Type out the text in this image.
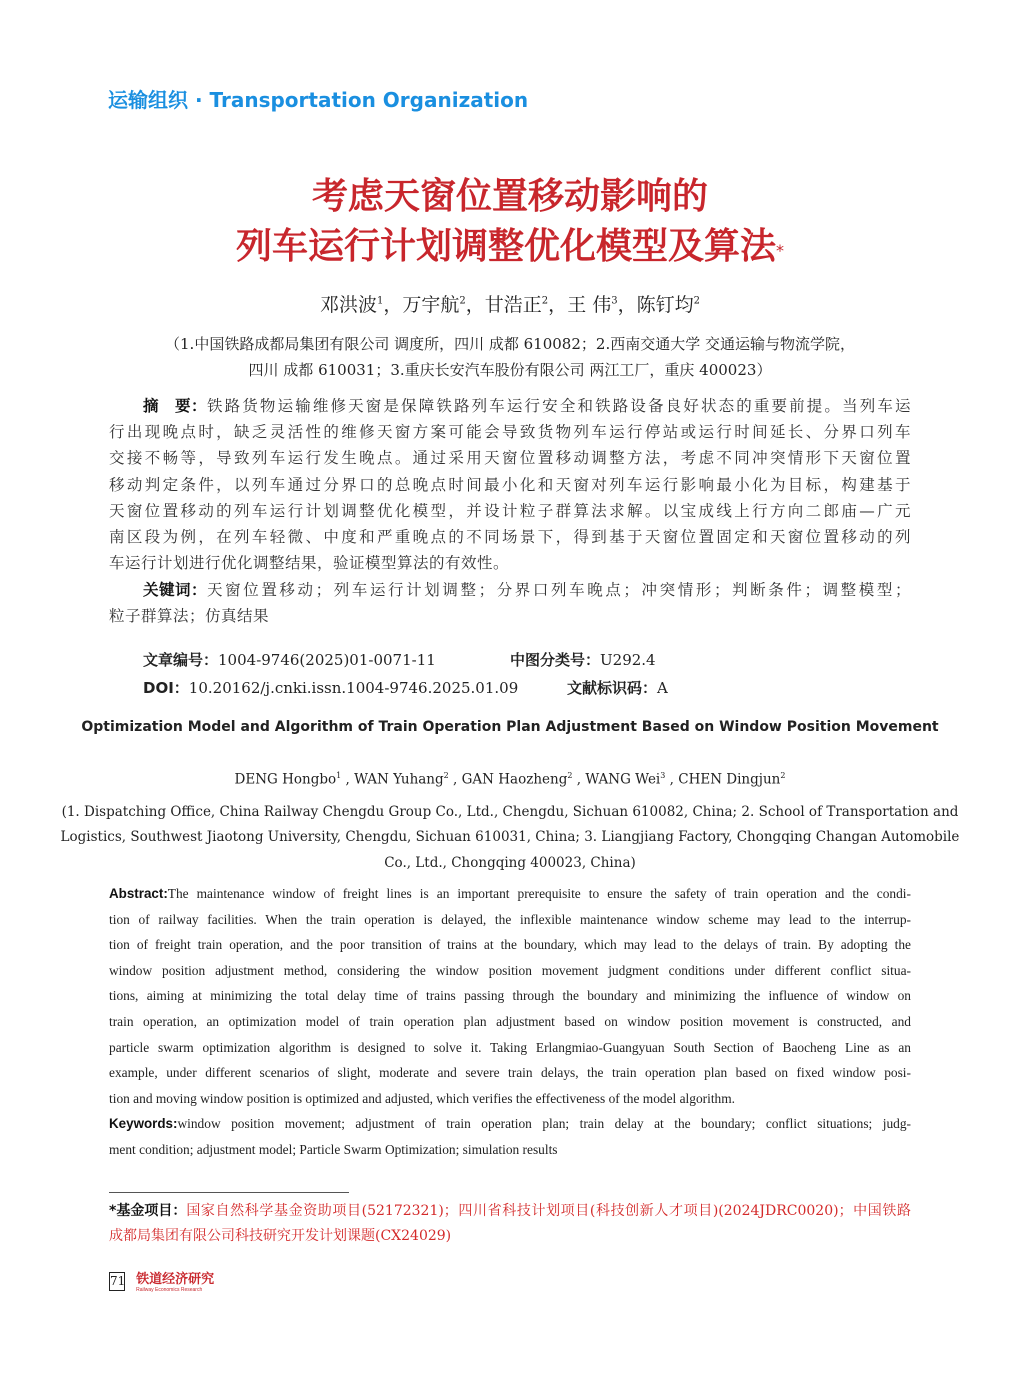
运输组织 · Transportation Organization
考虑天窗位置移动影响的
列车运行计划调整优化模型及算法*
邓洪波$^1$，万宇航$^2$，甘浩正$^2$，王 伟$^3$，陈钉均$^2$
（1.中国铁路成都局集团有限公司 调度所，四川 成都 610082；2.西南交通大学 交通运输与物流学院，
四川 成都 610031；3.重庆长安汽车股份有限公司 两江工厂，重庆 400023）
摘　要： 铁路货物运输维修天窗是保障铁路列车运行安全和铁路设备良好状态的重要前提。当列车运
行出现晚点时，缺乏灵活性的维修天窗方案可能会导致货物列车运行停站或运行时间延长、分界口列车
交接不畅等，导致列车运行发生晚点。通过采用天窗位置移动调整方法，考虑不同冲突情形下天窗位置
移动判定条件，以列车通过分界口的总晚点时间最小化和天窗对列车运行影响最小化为目标，构建基于
天窗位置移动的列车运行计划调整优化模型，并设计粒子群算法求解。以宝成线上行方向二郎庙—广元
南区段为例，在列车轻微、中度和严重晚点的不同场景下，得到基于天窗位置固定和天窗位置移动的列
车运行计划进行优化调整结果，验证模型算法的有效性。
关键词： 天窗位置移动；列车运行计划调整；分界口列车晚点；冲突情形；判断条件；调整模型；
粒子群算法；仿真结果
文章编号：1004-9746(2025)01-0071-11	中图分类号：U292.4
DOI：10.20162/j.cnki.issn.1004-9746.2025.01.09	文献标识码：A
Optimization Model and Algorithm of Train Operation Plan Adjustment Based on Window Position Movement
DENG Hongbo$^1$ , WAN Yuhang$^2$ , GAN Haozheng$^2$ , WANG Wei$^3$ , CHEN Dingjun$^2$
(1. Dispatching Office, China Railway Chengdu Group Co., Ltd., Chengdu, Sichuan 610082, China; 2. School of Transportation and
Logistics, Southwest Jiaotong University, Chengdu, Sichuan 610031, China; 3. Liangjiang Factory, Chongqing Changan Automobile
Co., Ltd., Chongqing 400023, China)
Abstract: The maintenance window of freight lines is an important prerequisite to ensure the safety of train operation and the condi-
tion of railway facilities. When the train operation is delayed, the inflexible maintenance window scheme may lead to the interrup-
tion of freight train operation, and the poor transition of trains at the boundary, which may lead to the delays of train. By adopting the
window position adjustment method, considering the window position movement judgment conditions under different conflict situa-
tions, aiming at minimizing the total delay time of trains passing through the boundary and minimizing the influence of window on
train operation, an optimization model of train operation plan adjustment based on window position movement is constructed, and
particle swarm optimization algorithm is designed to solve it. Taking Erlangmiao-Guangyuan South Section of Baocheng Line as an
example, under different scenarios of slight, moderate and severe train delays, the train operation plan based on fixed window posi-
tion and moving window position is optimized and adjusted, which verifies the effectiveness of the model algorithm.
Keywords: window position movement; adjustment of train operation plan; train delay at the boundary; conflict situations; judg-
ment condition; adjustment model; Particle Swarm Optimization; simulation results
*基金项目： 国家自然科学基金资助项目(52172321)；四川省科技计划项目(科技创新人才项目)(2024JDRC0020)；中国铁路
成都局集团有限公司科技研究开发计划课题(CX24029)
71 铁道经济研究
Railway Economics Research
